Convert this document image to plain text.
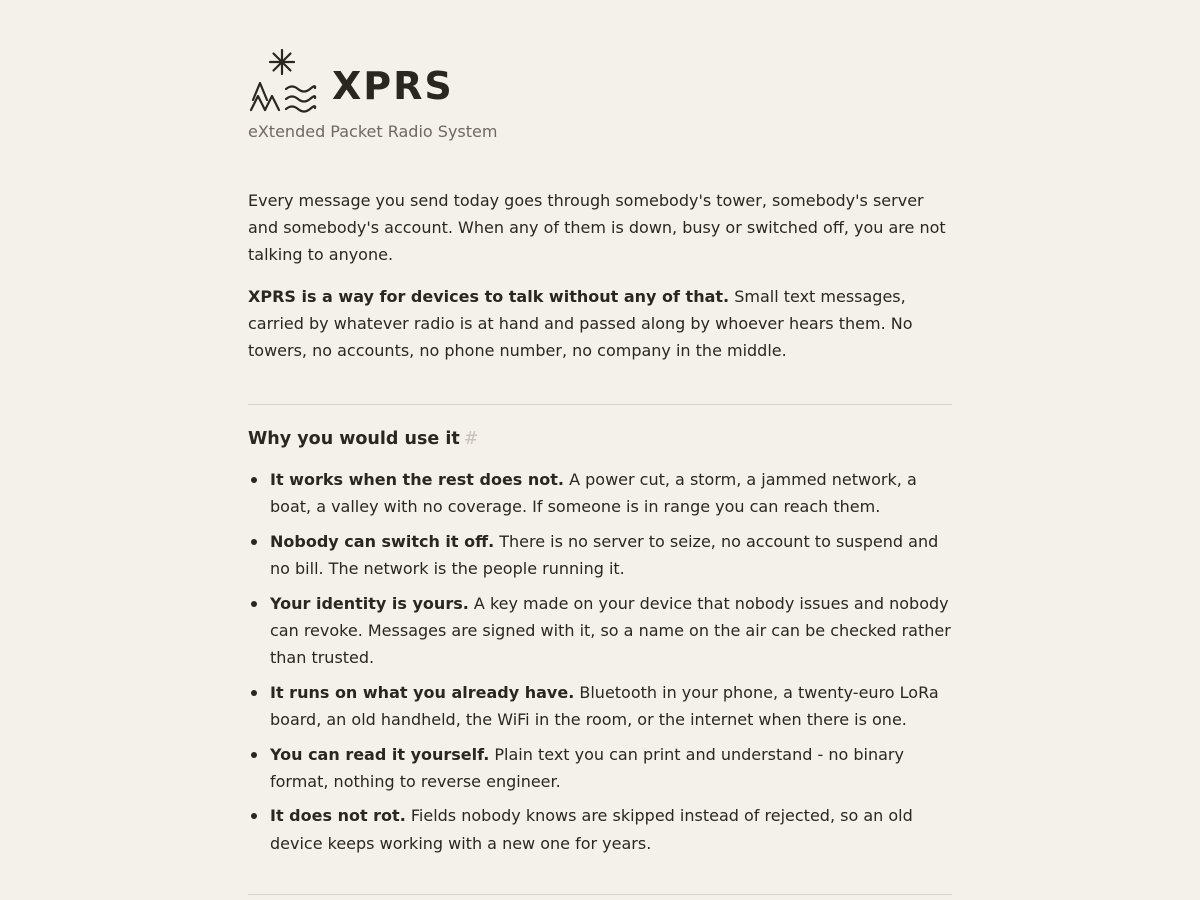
XPRS
eXtended Packet Radio System

Every message you send today goes through somebody's tower, somebody's server and somebody's account. When any of them is down, busy or switched off, you are not talking to anyone.

XPRS is a way for devices to talk without any of that. Small text messages, carried by whatever radio is at hand and passed along by whoever hears them. No towers, no accounts, no phone number, no company in the middle.

Why you would use it #
It works when the rest does not. A power cut, a storm, a jammed network, a boat, a valley with no coverage. If someone is in range you can reach them.
Nobody can switch it off. There is no server to seize, no account to suspend and no bill. The network is the people running it.
Your identity is yours. A key made on your device that nobody issues and nobody can revoke. Messages are signed with it, so a name on the air can be checked rather than trusted.
It runs on what you already have. Bluetooth in your phone, a twenty-euro LoRa board, an old handheld, the WiFi in the room, or the internet when there is one.
You can read it yourself. Plain text you can print and understand - no binary format, nothing to reverse engineer.
It does not rot. Fields nobody knows are skipped instead of rejected, so an old device keeps working with a new one for years.
